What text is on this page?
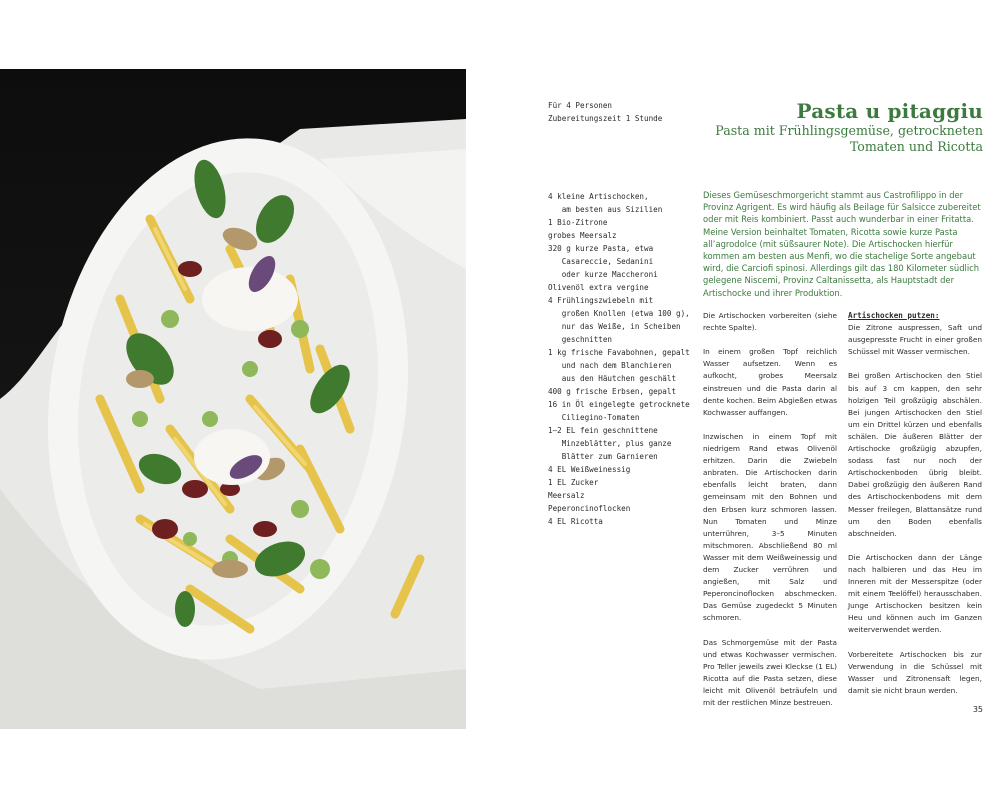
Für 4 Personen
Zubereitungszeit 1 Stunde	Pasta u pitaggiu
Pasta mit Frühlingsgemüse, getrockneten Tomaten und Ricotta
4 kleine Artischocken,
am besten aus Sizilien
1 Bio-Zitrone
grobes Meersalz
320 g kurze Pasta, etwa
Casareccie, Sedanini
oder kurze Maccheroni
Olivenöl extra vergine
4 Frühlingszwiebeln mit
großen Knollen (etwa 100 g),
nur das Weiße, in Scheiben
geschnitten
1 kg frische Favabohnen, gepalt
und nach dem Blanchieren
aus den Häutchen geschält
400 g frische Erbsen, gepalt
16 in Öl eingelegte getrocknete
Ciliegino-Tomaten
1–2 EL fein geschnittene
Minzeblätter, plus ganze
Blätter zum Garnieren
4 EL Weißweinessig
1 EL Zucker
Meersalz
Peperoncinoflocken
4 EL Ricotta
Dieses Gemüseschmorgericht stammt aus Castrofilippo in der Provinz Agrigent. Es wird häufig als Beilage für Salsicce zubereitet oder mit Reis kombiniert. Passt auch wunderbar in einer Fritatta. Meine Version beinhaltet Tomaten, Ricotta sowie kurze Pasta all’agrodolce (mit süßsaurer Note). Die Artischocken hierfür kommen am besten aus Menfi, wo die stachelige Sorte angebaut wird, die Carciofi spinosi. Allerdings gilt das 180 Kilometer südlich gelegene Niscemi, Provinz Caltanissetta, als Hauptstadt der Artischocke und ihrer Produktion.

Die Artischocken vorbereiten (siehe rechte Spalte).

In einem großen Topf reichlich Wasser aufsetzen. Wenn es aufkocht, grobes Meersalz einstreuen und die Pasta darin al dente kochen. Beim Abgießen etwas Kochwasser auffangen.

Inzwischen in einem Topf mit niedrigem Rand etwas Olivenöl erhitzen. Darin die Zwiebeln anbraten. Die Artischocken darin ebenfalls leicht braten, dann gemeinsam mit den Bohnen und den Erbsen kurz schmoren lassen. Nun Tomaten und Minze unterrühren, 3–5 Minuten mitschmoren. Abschließend 80 ml Wasser mit dem Weißweinessig und dem Zucker verrühren und angießen, mit Salz und Peperoncinoflocken abschmecken. Das Gemüse zugedeckt 5 Minuten schmoren.

Das Schmorgemüse mit der Pasta und etwas Kochwasser vermischen. Pro Teller jeweils zwei Kleckse (1 EL) Ricotta auf die Pasta setzen, diese leicht mit Olivenöl beträufeln und mit der restlichen Minze bestreuen.

Artischocken putzen:

Die Zitrone auspressen, Saft und ausgepresste Frucht in einer großen Schüssel mit Wasser vermischen.

Bei großen Artischocken den Stiel bis auf 3 cm kappen, den sehr holzigen Teil großzügig abschälen. Bei jungen Artischocken den Stiel um ein Drittel kürzen und ebenfalls schälen. Die äußeren Blätter der Artischocke großzügig abzupfen, sodass fast nur noch der Artischockenboden übrig bleibt. Dabei großzügig den äußeren Rand des Artischockenbodens mit dem Messer freilegen, Blattansätze rund um den Boden ebenfalls abschneiden.

Die Artischocken dann der Länge nach halbieren und das Heu im Inneren mit der Messerspitze (oder mit einem Teelöffel) herausschaben. Junge Artischocken besitzen kein Heu und können auch im Ganzen weiterverwendet werden.

Vorbereitete Artischocken bis zur Verwendung in die Schüssel mit Wasser und Zitronensaft legen, damit sie nicht braun werden.

35
